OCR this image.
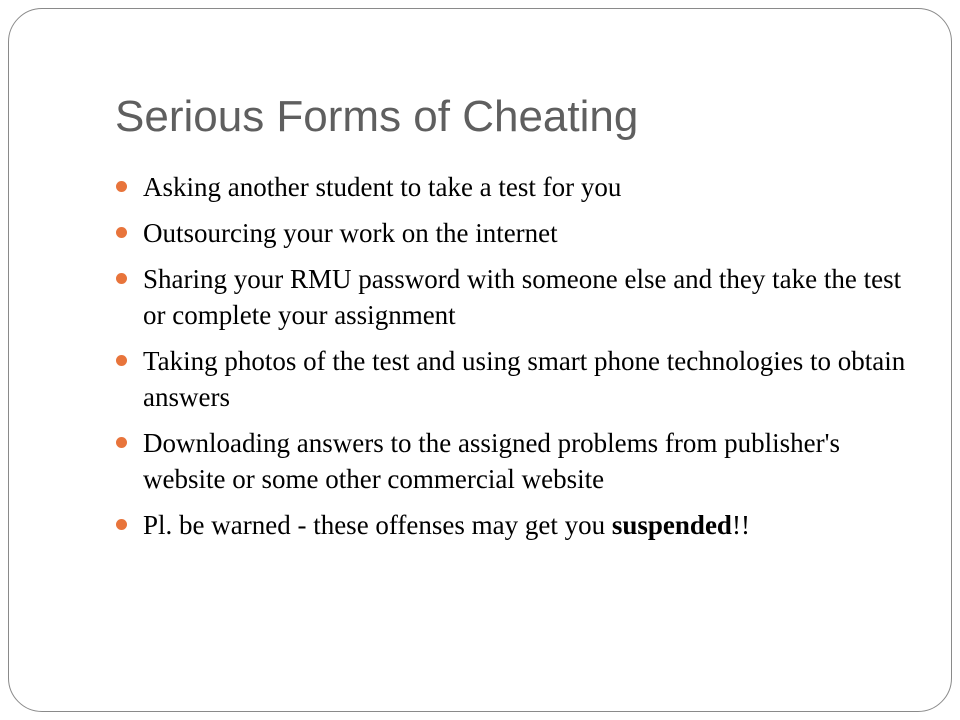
Serious Forms of Cheating
Asking another student to take a test for you
Outsourcing your work on the internet
Sharing your RMU password with someone else and they take the test or complete your assignment
Taking photos of the test and using smart phone technologies to obtain answers
Downloading answers to the assigned problems from publisher's website or some other commercial website
Pl. be warned - these offenses may get you suspended!!
